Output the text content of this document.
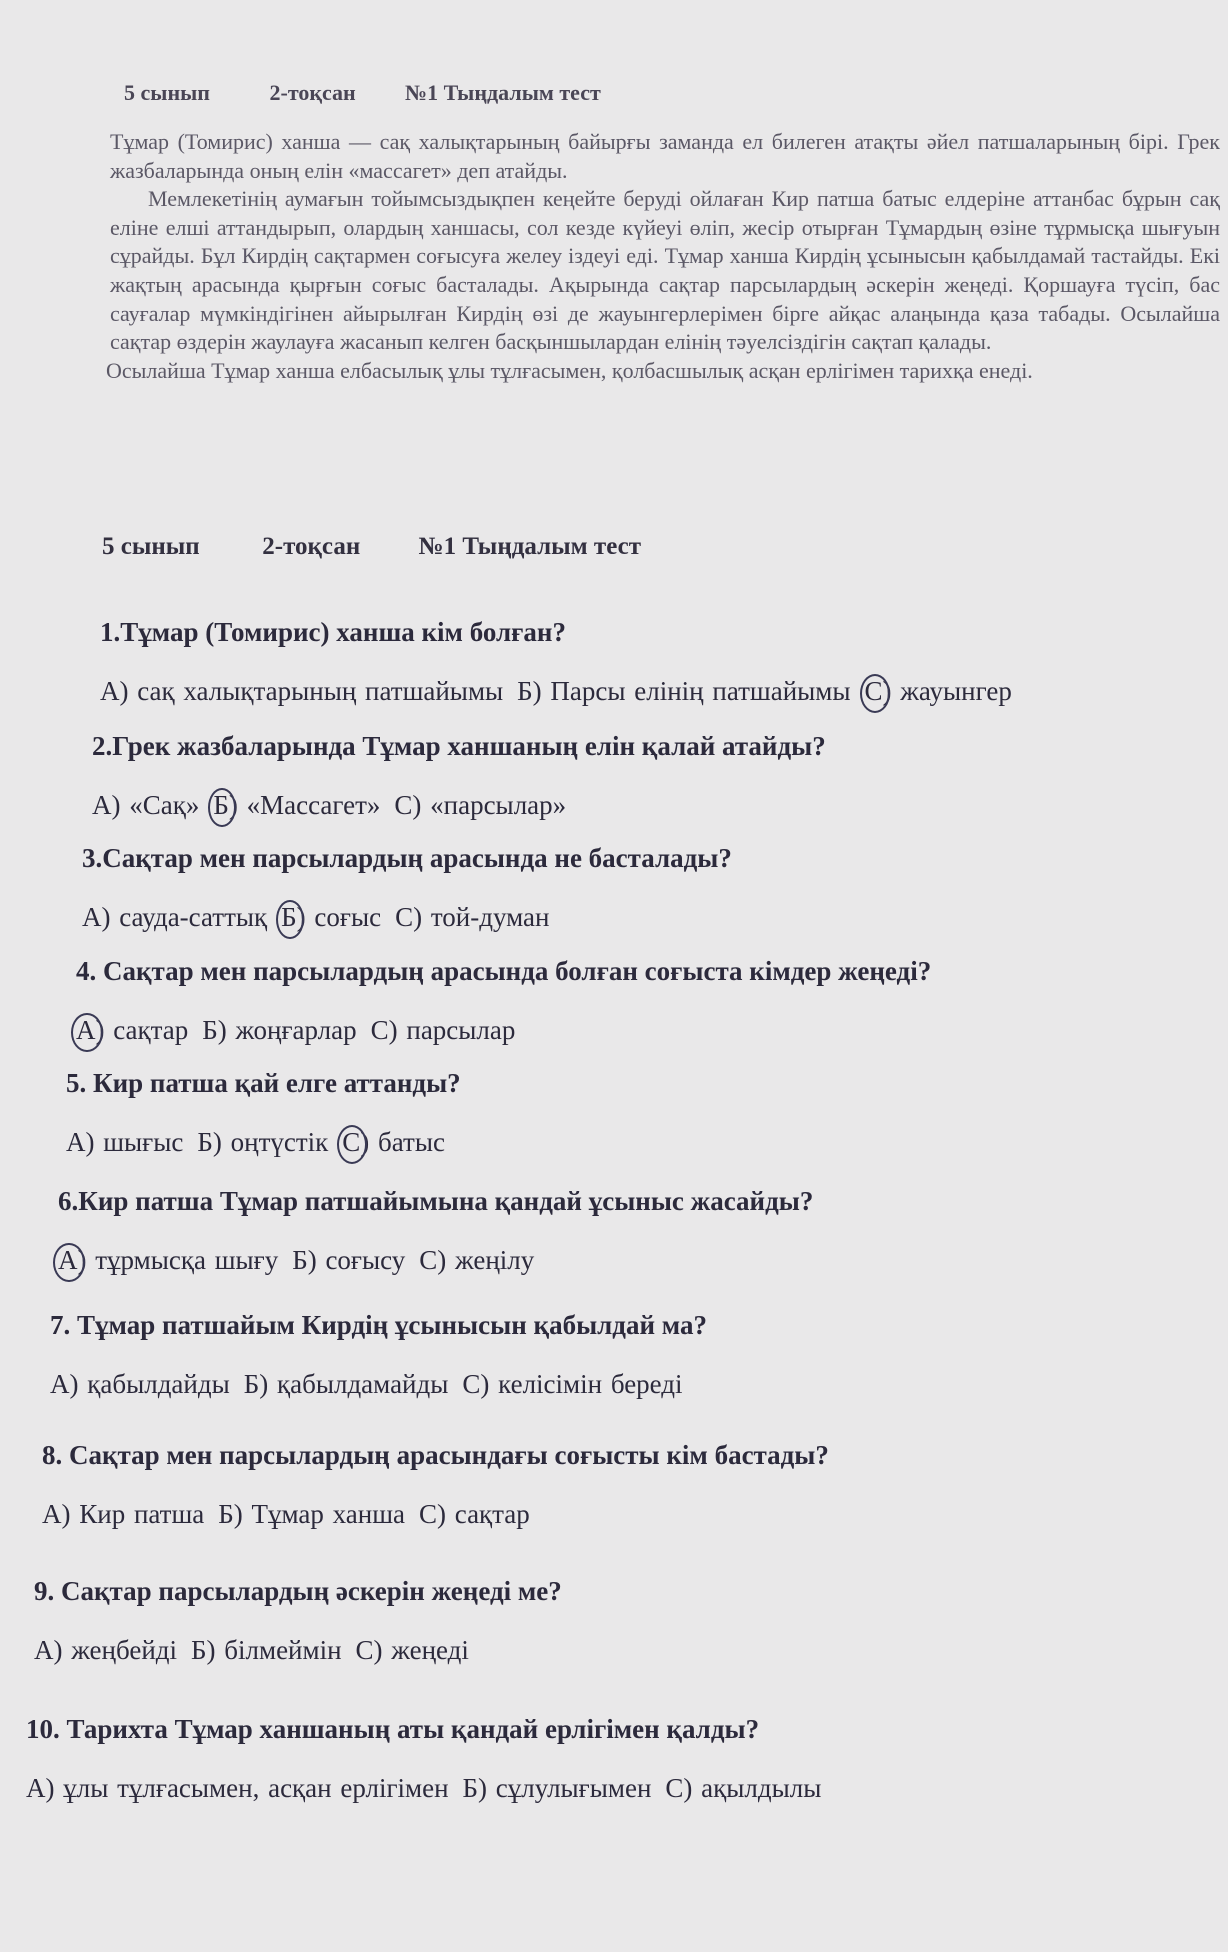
5 сынып	2-тоқсан №1 Тыңдалым тест

Тұмар (Томирис) ханша — сақ халықтарының байырғы заманда ел билеген атақты әйел патшаларының бірі. Грек жазбаларында оның елін «массагет» деп атайды.

Мемлекетінің аумағын тойымсыздықпен кеңейте беруді ойлаған Кир патша батыс елдеріне аттанбас бұрын сақ еліне елші аттандырып, олардың ханшасы, сол кезде күйеуі өліп, жесір отырған Тұмардың өзіне тұрмысқа шығуын сұрайды. Бұл Кирдің сақтармен соғысуға желеу іздеуі еді. Тұмар ханша Кирдің ұсынысын қабылдамай тастайды. Екі жақтың арасында қырғын соғыс басталады. Ақырында сақтар парсылардың әскерін жеңеді. Қоршауға түсіп, бас сауғалар мүмкіндігінен айырылған Кирдің өзі де жауынгерлерімен бірге айқас алаңында қаза табады. Осылайша сақтар өздерін жаулауға жасанып келген басқыншылардан елінің тәуелсіздігін сақтап қалады.

Осылайша Тұмар ханша елбасылық ұлы тұлғасымен, қолбасшылық асқан ерлігімен тарихқа енеді.

5 сынып	2-тоқсан №1 Тыңдалым тест
1.Тұмар (Томирис) ханша кім болған?
A) сақ халықтарының патшайымы Б) Парсы елінің патшайымы С) жауынгер
2.Грек жазбаларында Тұмар ханшаның елін қалай атайды?
А) «Сақ» Б) «Массагет» С) «парсылар»
3.Сақтар мен парсылардың арасында не басталады?
А) сауда-саттық Б) соғыс С) той-думан
4. Сақтар мен парсылардың арасында болған соғыста кімдер жеңеді?
А) сақтар Б) жоңғарлар С) парсылар
5. Кир патша қай елге аттанды?
А) шығыс Б) оңтүстік С) батыс
6.Кир патша Тұмар патшайымына қандай ұсыныс жасайды?
А) тұрмысқа шығу Б) соғысу С) жеңілу
7. Тұмар патшайым Кирдің ұсынысын қабылдай ма?
А) қабылдайды Б) қабылдамайды С) келісімін береді
8. Сақтар мен парсылардың арасындағы соғысты кім бастады?
А) Кир патша Б) Тұмар ханша С) сақтар
9. Сақтар парсылардың әскерін жеңеді ме?
А) жеңбейді Б) білмеймін С) жеңеді
10. Тарихта Тұмар ханшаның аты қандай ерлігімен қалды?
А) ұлы тұлғасымен, асқан ерлігімен Б) сұлулығымен С) ақылдылы
